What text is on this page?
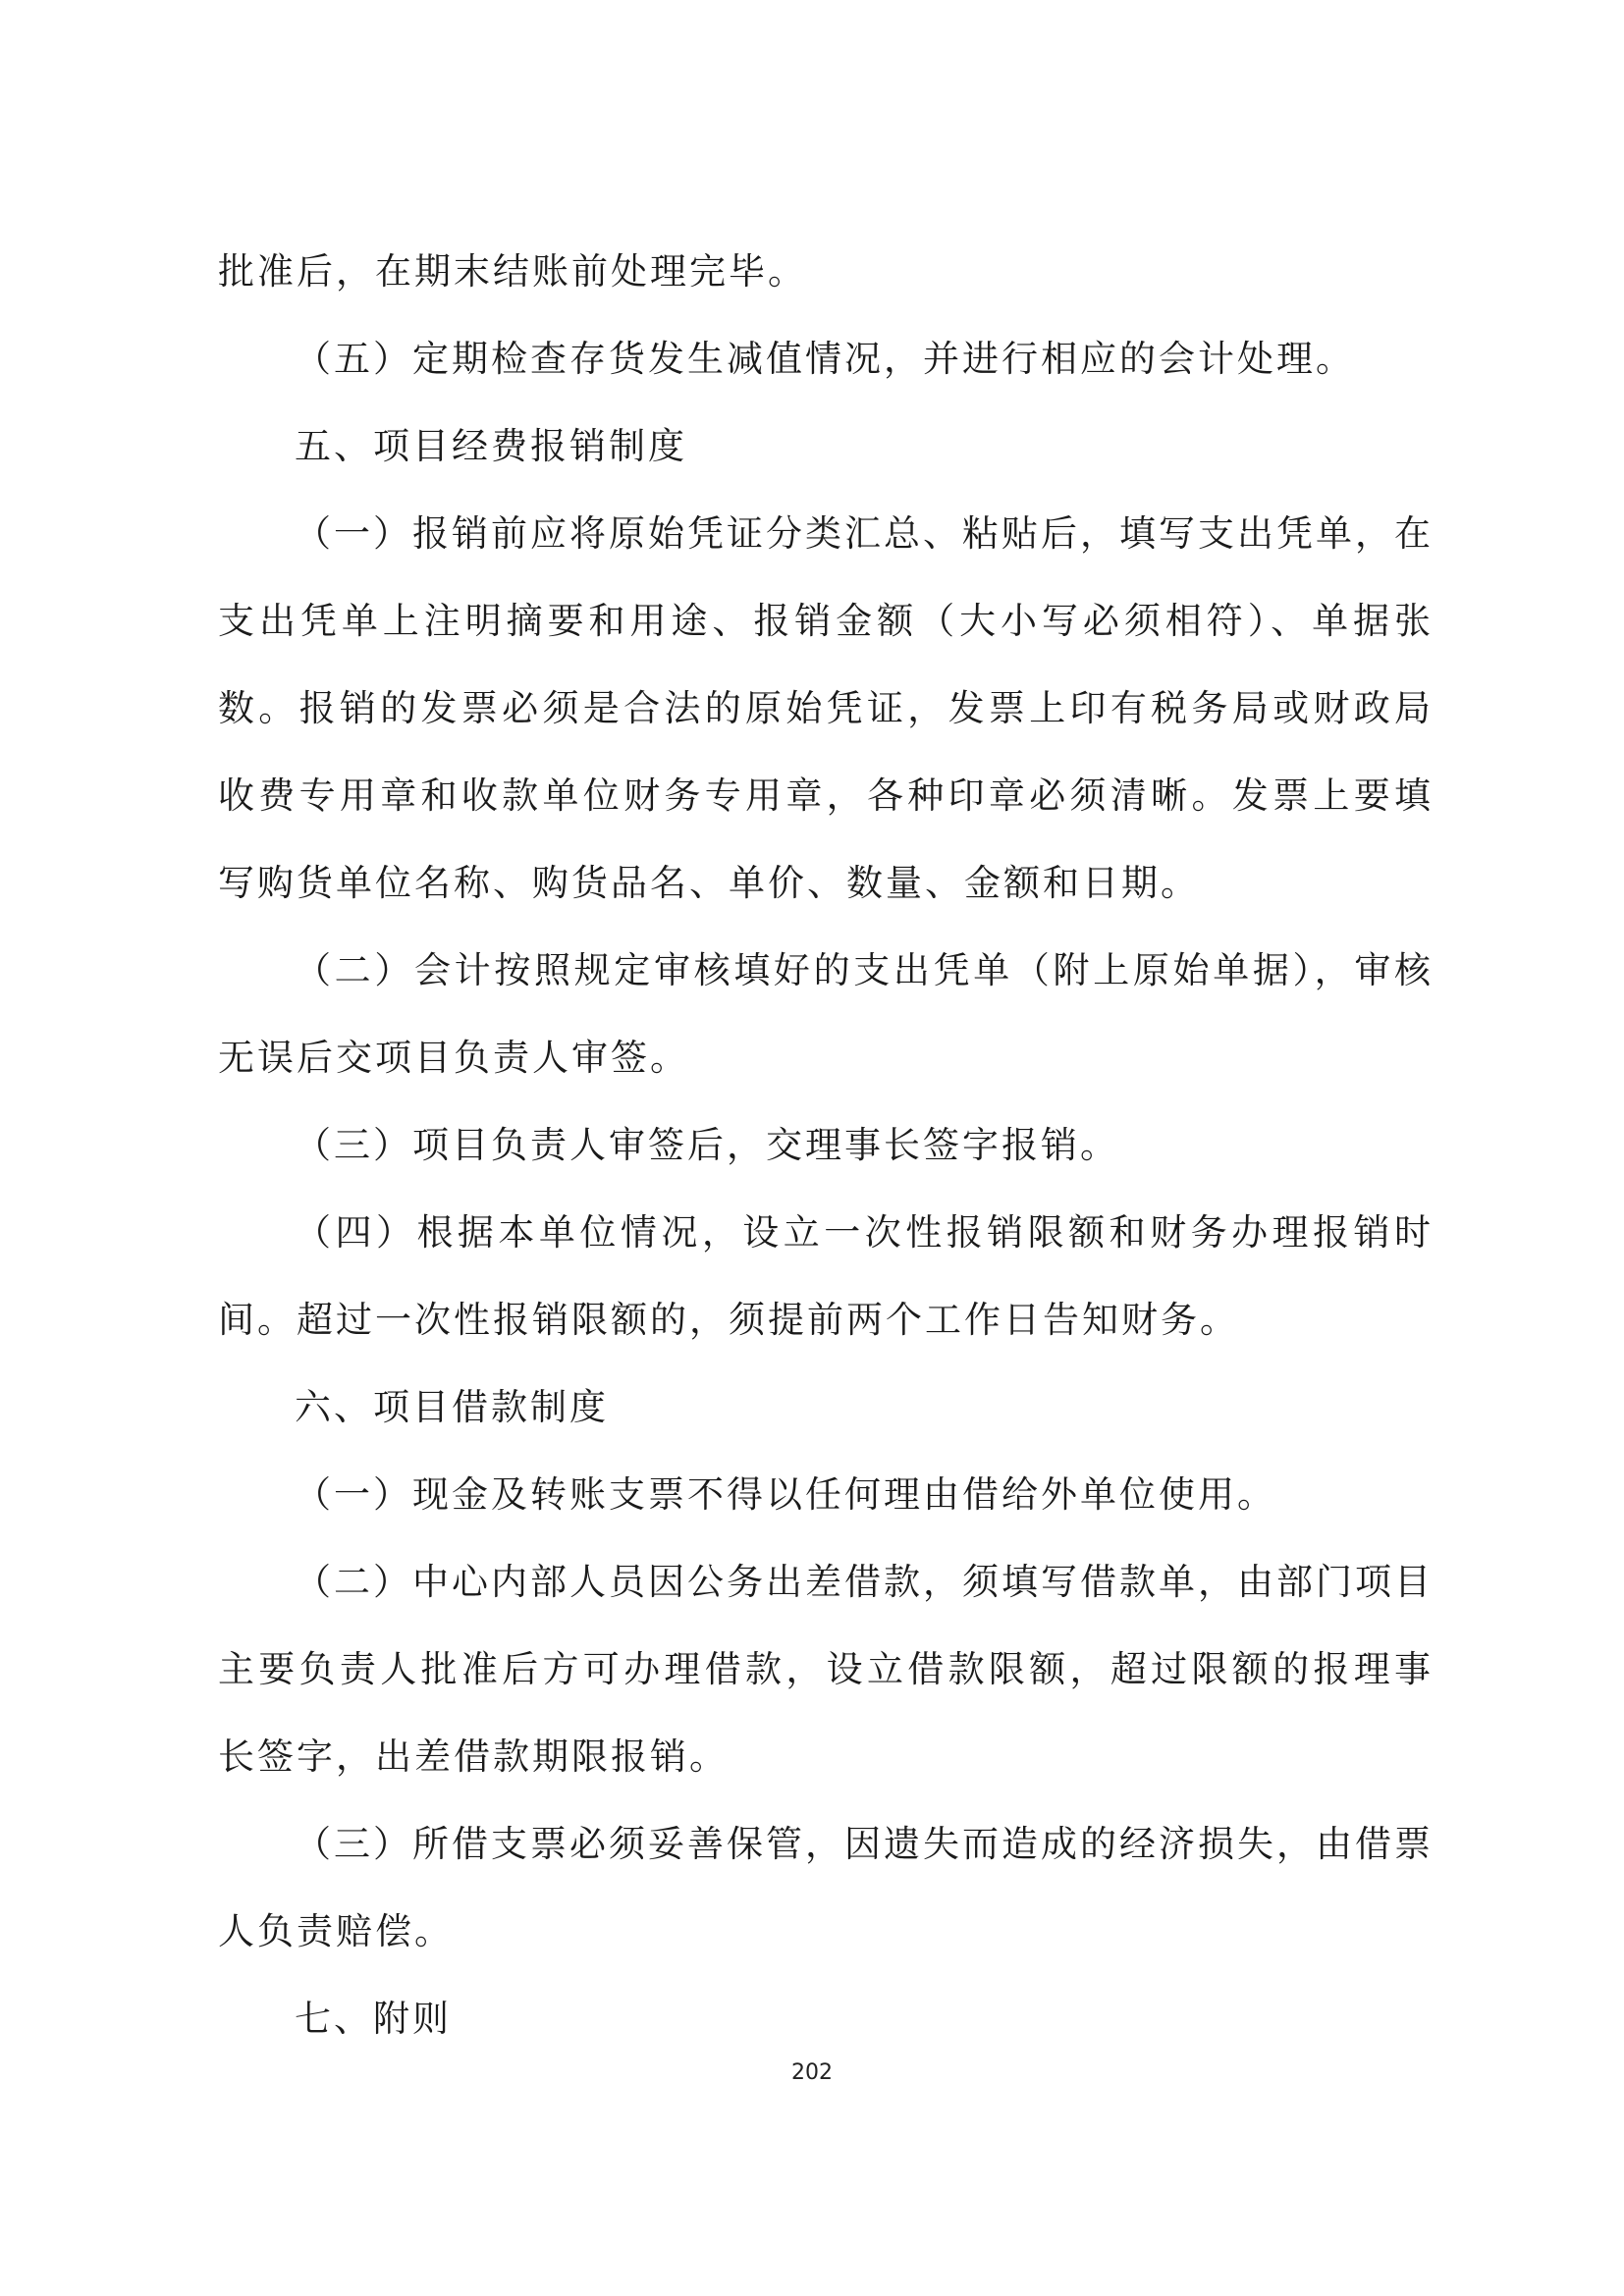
批准后，在期末结账前处理完毕。

（五）定期检查存货发生减值情况，并进行相应的会计处理。

五、项目经费报销制度

（一）报销前应将原始凭证分类汇总、粘贴后，填写支出凭单，在支出凭单上注明摘要和用途、报销金额（大小写必须相符）、单据张数。报销的发票必须是合法的原始凭证，发票上印有税务局或财政局收费专用章和收款单位财务专用章，各种印章必须清晰。发票上要填写购货单位名称、购货品名、单价、数量、金额和日期。

（二）会计按照规定审核填好的支出凭单（附上原始单据），审核无误后交项目负责人审签。

（三）项目负责人审签后，交理事长签字报销。

（四）根据本单位情况，设立一次性报销限额和财务办理报销时间。超过一次性报销限额的，须提前两个工作日告知财务。

六、项目借款制度

（一）现金及转账支票不得以任何理由借给外单位使用。

（二）中心内部人员因公务出差借款，须填写借款单，由部门项目主要负责人批准后方可办理借款，设立借款限额，超过限额的报理事长签字，出差借款期限报销。

（三）所借支票必须妥善保管，因遗失而造成的经济损失，由借票人负责赔偿。

七、附则

202
